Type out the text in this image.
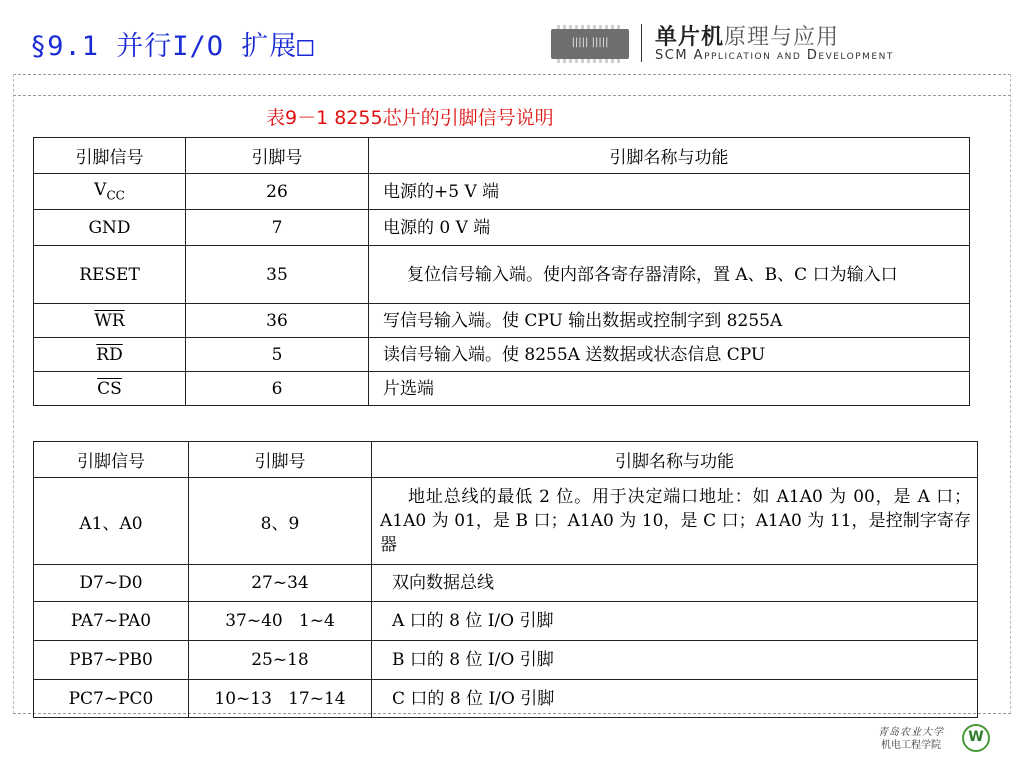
§9.1 并行I/O 扩展□	||||| |||||	单片机原理与应用
SCM Application and Development
表9－1 8255芯片的引脚信号说明
引脚信号	引脚号	引脚名称与功能
$V_{CC}$	26	电源的+5 V 端
GND	7	电源的 0 V 端
RESET	35	复位信号输入端。使内部各寄存器清除，置 A、B、C 口为输入口
$\overline{WR}$	36	写信号输入端。使 CPU 输出数据或控制字到 8255A
$\overline{RD}$	5	读信号输入端。使 8255A 送数据或状态信息 CPU
$\overline{CS}$	6	片选端
引脚信号	引脚号	引脚名称与功能
A1、A0	8、9	地址总线的最低 2 位。用于决定端口地址：如 A1A0 为 00，是 A 口；A1A0 为 01，是 B 口；A1A0 为 10，是 C 口；A1A0 为 11，是控制字寄存器
D7~D0	27~34	双向数据总线
PA7~PA0	37~40   1~4	A 口的 8 位 I/O 引脚
PB7~PB0	25~18	B 口的 8 位 I/O 引脚
PC7~PC0	10~13   17~14	C 口的 8 位 I/O 引脚
青岛农业大学
机电工程学院
W
